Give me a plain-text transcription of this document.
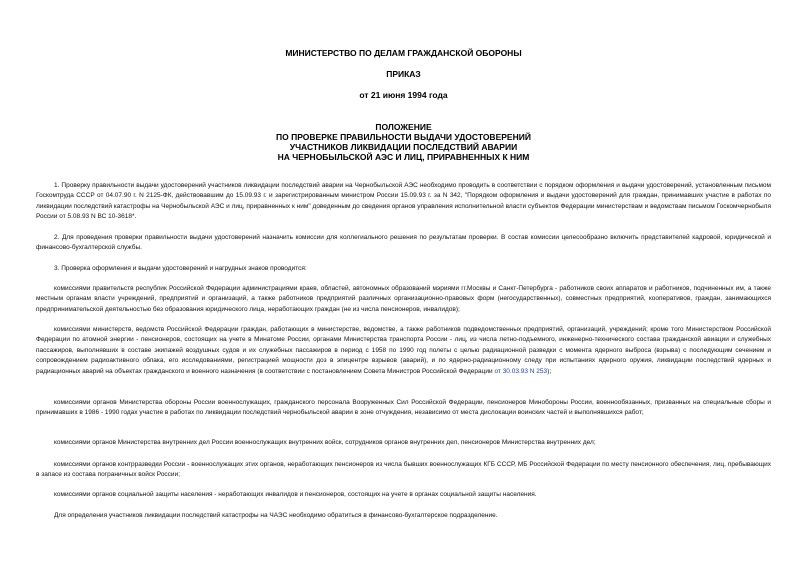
МИНИСТЕРСТВО ПО ДЕЛАМ ГРАЖДАНСКОЙ ОБОРОНЫ

ПРИКАЗ

от 21 июня 1994 года

ПОЛОЖЕНИЕ
ПО ПРОВЕРКЕ ПРАВИЛЬНОСТИ ВЫДАЧИ УДОСТОВЕРЕНИЙ
УЧАСТНИКОВ ЛИКВИДАЦИИ ПОСЛЕДСТВИЙ АВАРИИ
НА ЧЕРНОБЫЛЬСКОЙ АЭС И ЛИЦ, ПРИРАВНЕННЫХ К НИМ

1. Проверку правильности выдачи удостоверений участников ликвидации последствий аварии на Чернобыльской АЭС необходимо проводить в соответствии с порядком оформления и выдачи удостоверений, установленным письмом Госкомтруда СССР от 04.07.90 г. N 2125-ФК, действовавшим до 15.09.93 г. и зарегистрированным министром России 15.09.93 г. за N 342, "Порядком оформления и выдачи удостоверений для граждан, принимавших участие в работах по ликвидации последствий катастрофы на Чернобыльской АЭС и лиц, приравненных к ним" доведенным до сведения органов управления исполнительной власти субъектов Федерации министерствам и ведомствам письмом Госкомчернобыля России от 5.08.93 N ВС 10-3618*.

2. Для проведения проверки правильности выдачи удостоверений назначить комиссии для коллегиального решения по результатам проверки. В состав комиссии целесообразно включить представителей кадровой, юридической и финансово-бухгалтерской службы.

3. Проверка оформления и выдачи удостоверений и нагрудных знаков проводится:

комиссиями правительств республик Российской Федерации администрациями краев, областей, автономных образований мэриями гг.Москвы и Санкт-Петербурга - работников своих аппаратов и работников, подчиненных им, а также местным органам власти учреждений, предприятий и организаций, а также работников предприятий различных организационно-правовых форм (негосударственных), совместных предприятий, кооперативов, граждан, занимающихся предпринимательской деятельностью без образования юридического лица, неработающих граждан (не из числа пенсионеров, инвалидов);

комиссиями министерств, ведомств Российской Федерации граждан, работающих в министерстве, ведомстве, а также работников подведомственных предприятий, организаций, учреждений; кроме того Министерством Российской Федерации по атомной энергии - пенсионеров, состоящих на учете в Минатоме России, органами Министерства транспорта России - лиц, из числа летно-подъемного, инженерно-технического состава гражданской авиации и служебных пассажиров, выполнявших в составе экипажей воздушных судов и их служебных пассажиров в период с 1958 по 1990 год полеты с целью радиационной разведки с момента ядерного выброса (взрыва) с последующим сечением и сопровождением радиоактивного облака, его исследованиями, регистрацией мощности доз в эпицентре взрывов (аварий), и по ядерно-радиационному следу при испытаниях ядерного оружия, ликвидации последствий ядерных и радиационных аварий на объектах гражданского и военного назначения (в соответствии с постановлением Совета Министров Российской Федерации от 30.03.93 N 253);

комиссиями органов Министерства обороны России военнослужащих, гражданского персонала Вооруженных Сил Российской Федерации, пенсионеров Минобороны России, военнообязанных, призванных на специальные сборы и принимавших в 1986 - 1990 годах участие в работах по ликвидации последствий чернобыльской аварии в зоне отчуждения, независимо от места дислокации воинских частей и выполнявшихся работ;

комиссиями органов Министерства внутренних дел России военнослужащих внутренних войск, сотрудников органов внутренних дел, пенсионеров Министерства внутренних дел;

комиссиями органов контрразведки России - военнослужащих этих органов, неработающих пенсионеров из числа бывших военнослужащих КГБ СССР, МБ Российской Федерации по месту пенсионного обеспечения, лиц, пребывающих в запасе из состава пограничных войск России;

комиссиями органов социальной защиты населения - неработающих инвалидов и пенсионеров, состоящих на учете в органах социальной защиты населения.

Для определения участников ликвидации последствий катастрофы на ЧАЭС необходимо обратиться в финансово-бухгалтерское подразделение.
